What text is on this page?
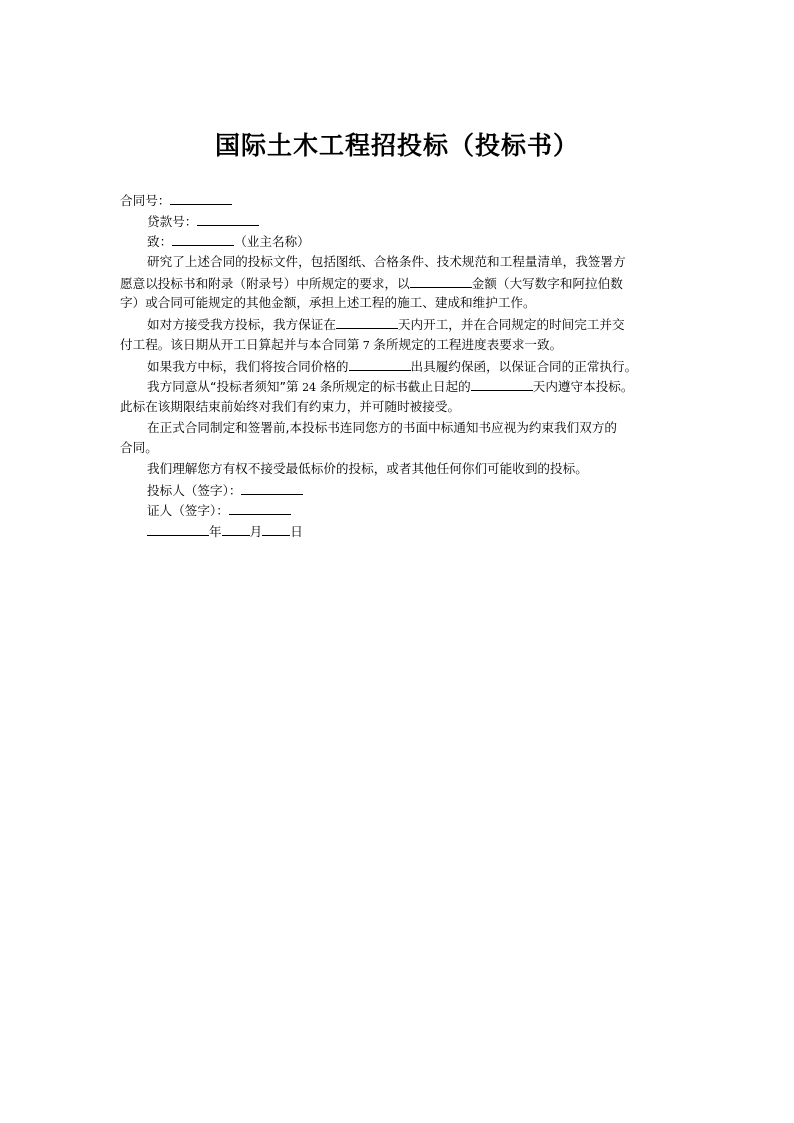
国际土木工程招投标（投标书）
合同号：
贷款号：
致：	（业主名称）
研究了上述合同的投标文件，包括图纸、合格条件、技术规范和工程量清单，我签署方
愿意以投标书和附录（附录号）中所规定的要求，以	金额（大写数字和阿拉伯数
字）或合同可能规定的其他金额，承担上述工程的施工、建成和维护工作。
如对方接受我方投标，我方保证在	天内开工，并在合同规定的时间完工并交
付工程。该日期从开工日算起并与本合同第 7 条所规定的工程进度表要求一致。
如果我方中标，我们将按合同价格的	出具履约保函，以保证合同的正常执行。
我方同意从“投标者须知”第 24 条所规定的标书截止日起的	天内遵守本投标。
此标在该期限结束前始终对我们有约束力，并可随时被接受。
在正式合同制定和签署前,本投标书连同您方的书面中标通知书应视为约束我们双方的
合同。
我们理解您方有权不接受最低标价的投标，或者其他任何你们可能收到的投标。
投标人（签字）：
证人（签字）：
年 月 日
